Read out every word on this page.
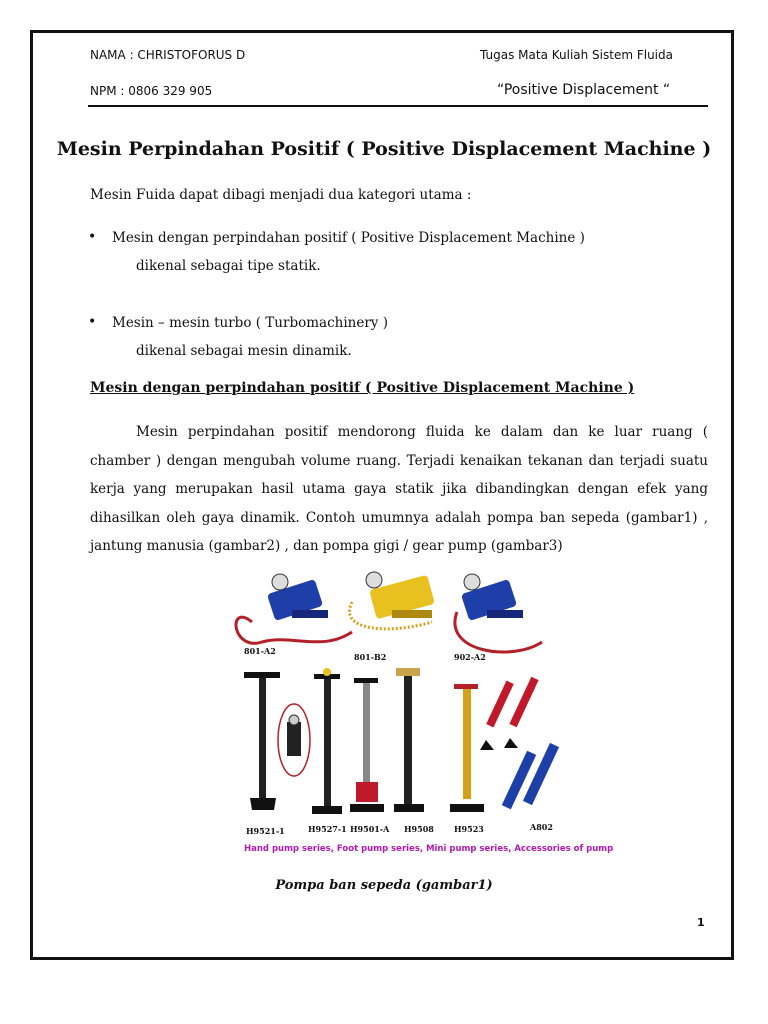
NAMA : CHRISTOFORUS D
NPM : 0806 329 905
Tugas Mata Kuliah Sistem Fluida
“Positive Displacement “
Mesin Perpindahan Positif ( Positive Displacement Machine )
Mesin Fuida dapat dibagi menjadi dua kategori utama :
• Mesin dengan perpindahan positif ( Positive Displacement Machine )
dikenal sebagai tipe statik.
• Mesin – mesin turbo ( Turbomachinery )
dikenal sebagai mesin dinamik.
Mesin dengan perpindahan positif ( Positive Displacement Machine )
Mesin perpindahan positif mendorong fluida ke dalam dan ke luar ruang ( chamber ) dengan mengubah volume ruang. Terjadi kenaikan tekanan dan terjadi suatu kerja yang merupakan hasil utama gaya statik jika dibandingkan dengan efek yang dihasilkan oleh gaya dinamik. Contoh umumnya adalah pompa ban sepeda (gambar1) , jantung manusia (gambar2) , dan pompa gigi / gear pump (gambar3)
801-A2
801-B2	902-A2
H9521-1	H9527-1 H9501-A H9508	H9523	A802
Hand pump series, Foot pump series, Mini pump series, Accessories of pump
Pompa ban sepeda (gambar1)
1
